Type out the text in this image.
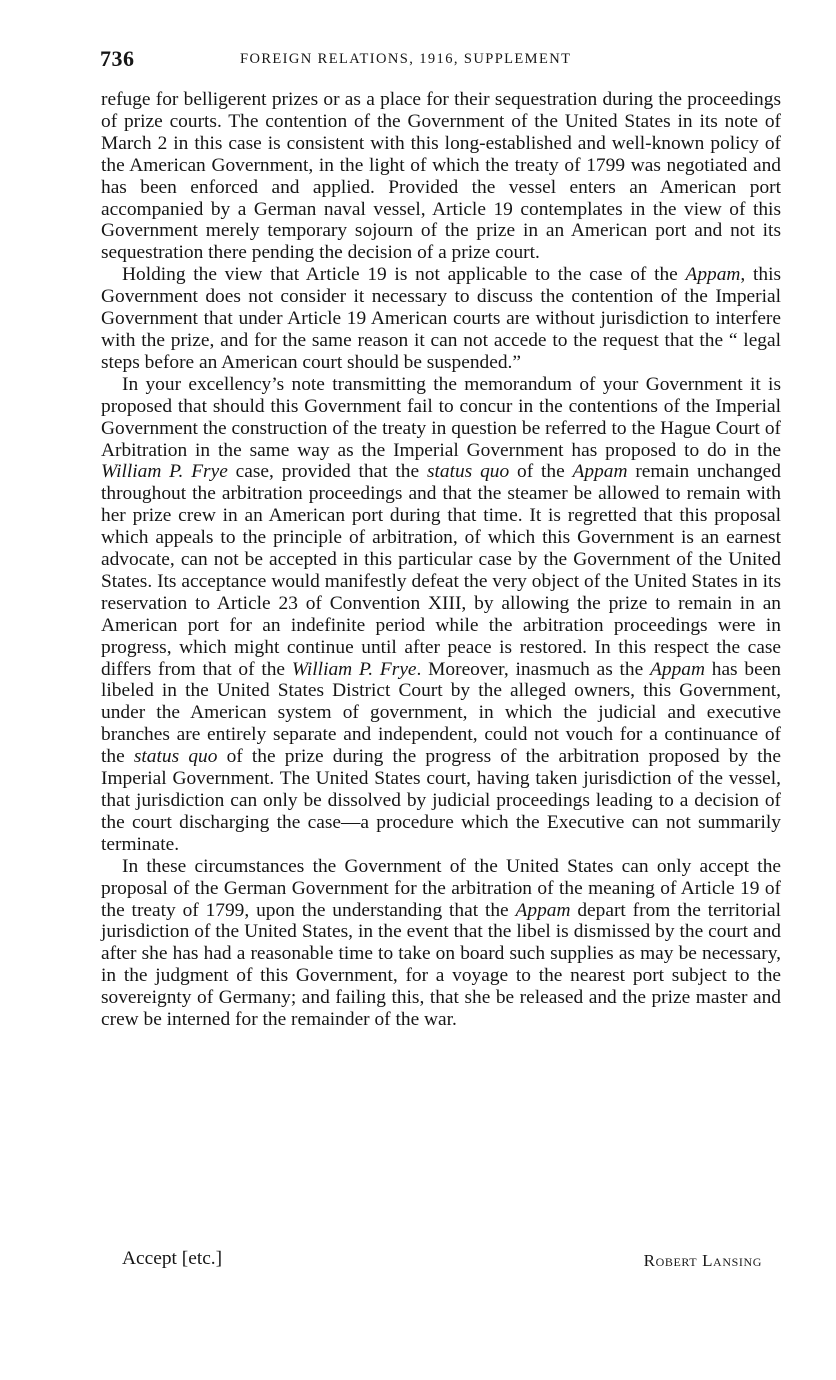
736	FOREIGN RELATIONS, 1916, SUPPLEMENT

refuge for belligerent prizes or as a place for their sequestration during the proceedings of prize courts. The contention of the Government of the United States in its note of March 2 in this case is consistent with this long-established and well-known policy of the American Government, in the light of which the treaty of 1799 was negotiated and has been enforced and applied. Provided the vessel enters an American port accompanied by a German naval vessel, Article 19 contemplates in the view of this Government merely temporary sojourn of the prize in an American port and not its sequestration there pending the decision of a prize court.

Holding the view that Article 19 is not applicable to the case of the Appam, this Government does not consider it necessary to discuss the contention of the Imperial Government that under Article 19 American courts are without jurisdiction to interfere with the prize, and for the same reason it can not accede to the request that the “ legal steps before an American court should be suspended.”

In your excellency’s note transmitting the memorandum of your Government it is proposed that should this Government fail to concur in the contentions of the Imperial Government the construction of the treaty in question be referred to the Hague Court of Arbitration in the same way as the Imperial Government has proposed to do in the William P. Frye case, provided that the status quo of the Appam remain unchanged throughout the arbitration proceedings and that the steamer be allowed to remain with her prize crew in an American port during that time. It is regretted that this proposal which appeals to the principle of arbitration, of which this Government is an earnest advocate, can not be accepted in this particular case by the Government of the United States. Its acceptance would manifestly defeat the very object of the United States in its reservation to Article 23 of Convention XIII, by allowing the prize to remain in an American port for an indefinite period while the arbitration proceedings were in progress, which might continue until after peace is restored. In this respect the case differs from that of the William P. Frye. Moreover, inasmuch as the Appam has been libeled in the United States District Court by the alleged owners, this Government, under the American system of government, in which the judicial and executive branches are entirely separate and independent, could not vouch for a continuance of the status quo of the prize during the progress of the arbitration proposed by the Imperial Government. The United States court, having taken jurisdiction of the vessel, that jurisdiction can only be dissolved by judicial proceedings leading to a decision of the court discharging the case—a procedure which the Executive can not summarily terminate.

In these circumstances the Government of the United States can only accept the proposal of the German Government for the arbitration of the meaning of Article 19 of the treaty of 1799, upon the understanding that the Appam depart from the territorial jurisdiction of the United States, in the event that the libel is dismissed by the court and after she has had a reasonable time to take on board such supplies as may be necessary, in the judgment of this Government, for a voyage to the nearest port subject to the sovereignty of Germany; and failing this, that she be released and the prize master and crew be interned for the remainder of the war.

Accept [etc.]	Robert Lansing
